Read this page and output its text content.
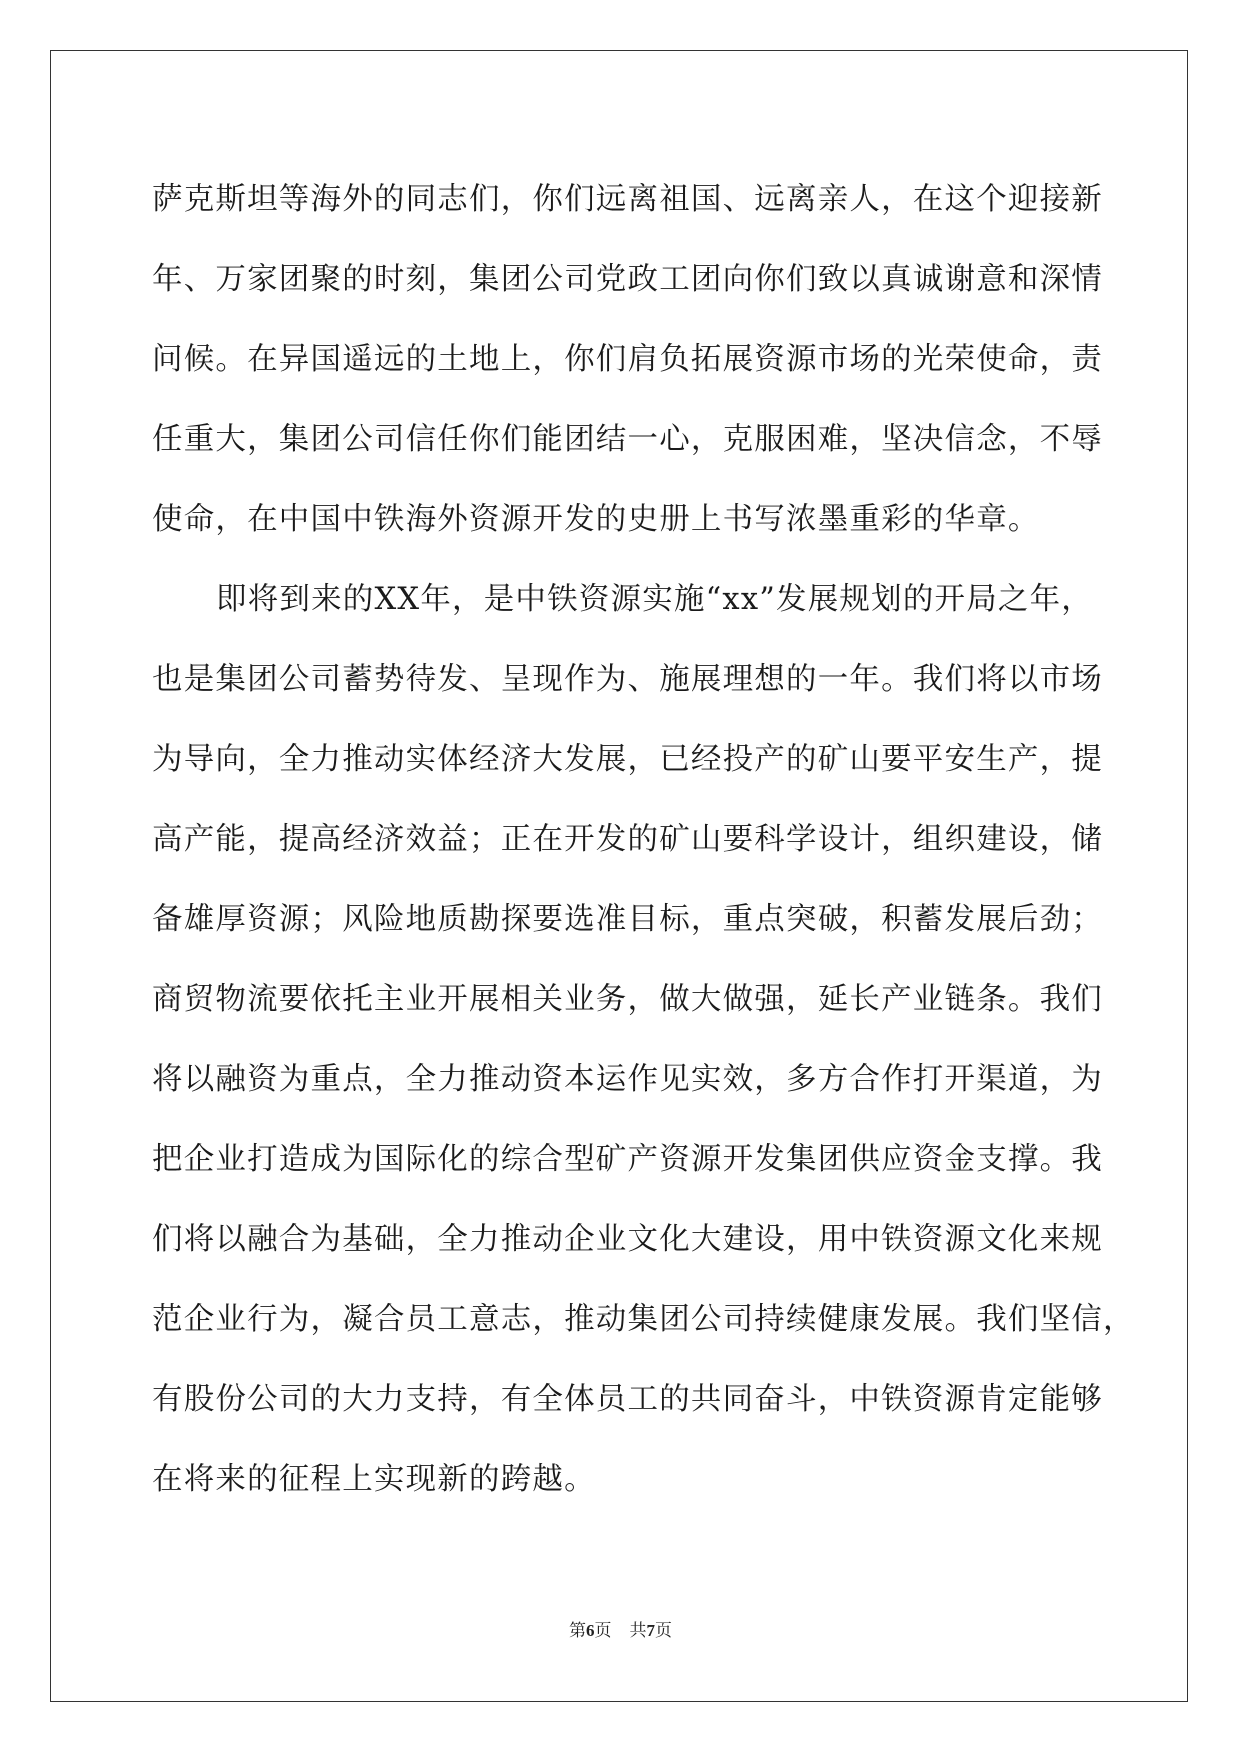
萨克斯坦等海外的同志们，你们远离祖国、远离亲人，在这个迎接新
年、万家团聚的时刻，集团公司党政工团向你们致以真诚谢意和深情
问候。在异国遥远的土地上，你们肩负拓展资源市场的光荣使命，责
任重大，集团公司信任你们能团结一心，克服困难，坚决信念，不辱
使命，在中国中铁海外资源开发的史册上书写浓墨重彩的华章。
即将到来的XX年，是中铁资源实施“xx”发展规划的开局之年，
也是集团公司蓄势待发、呈现作为、施展理想的一年。我们将以市场
为导向，全力推动实体经济大发展，已经投产的矿山要平安生产，提
高产能，提高经济效益；正在开发的矿山要科学设计，组织建设，储
备雄厚资源；风险地质勘探要选准目标，重点突破，积蓄发展后劲；
商贸物流要依托主业开展相关业务，做大做强，延长产业链条。我们
将以融资为重点，全力推动资本运作见实效，多方合作打开渠道，为
把企业打造成为国际化的综合型矿产资源开发集团供应资金支撑。我
们将以融合为基础，全力推动企业文化大建设，用中铁资源文化来规
范企业行为，凝合员工意志，推动集团公司持续健康发展。我们坚信，
有股份公司的大力支持，有全体员工的共同奋斗，中铁资源肯定能够
在将来的征程上实现新的跨越。
第6页 共7页
